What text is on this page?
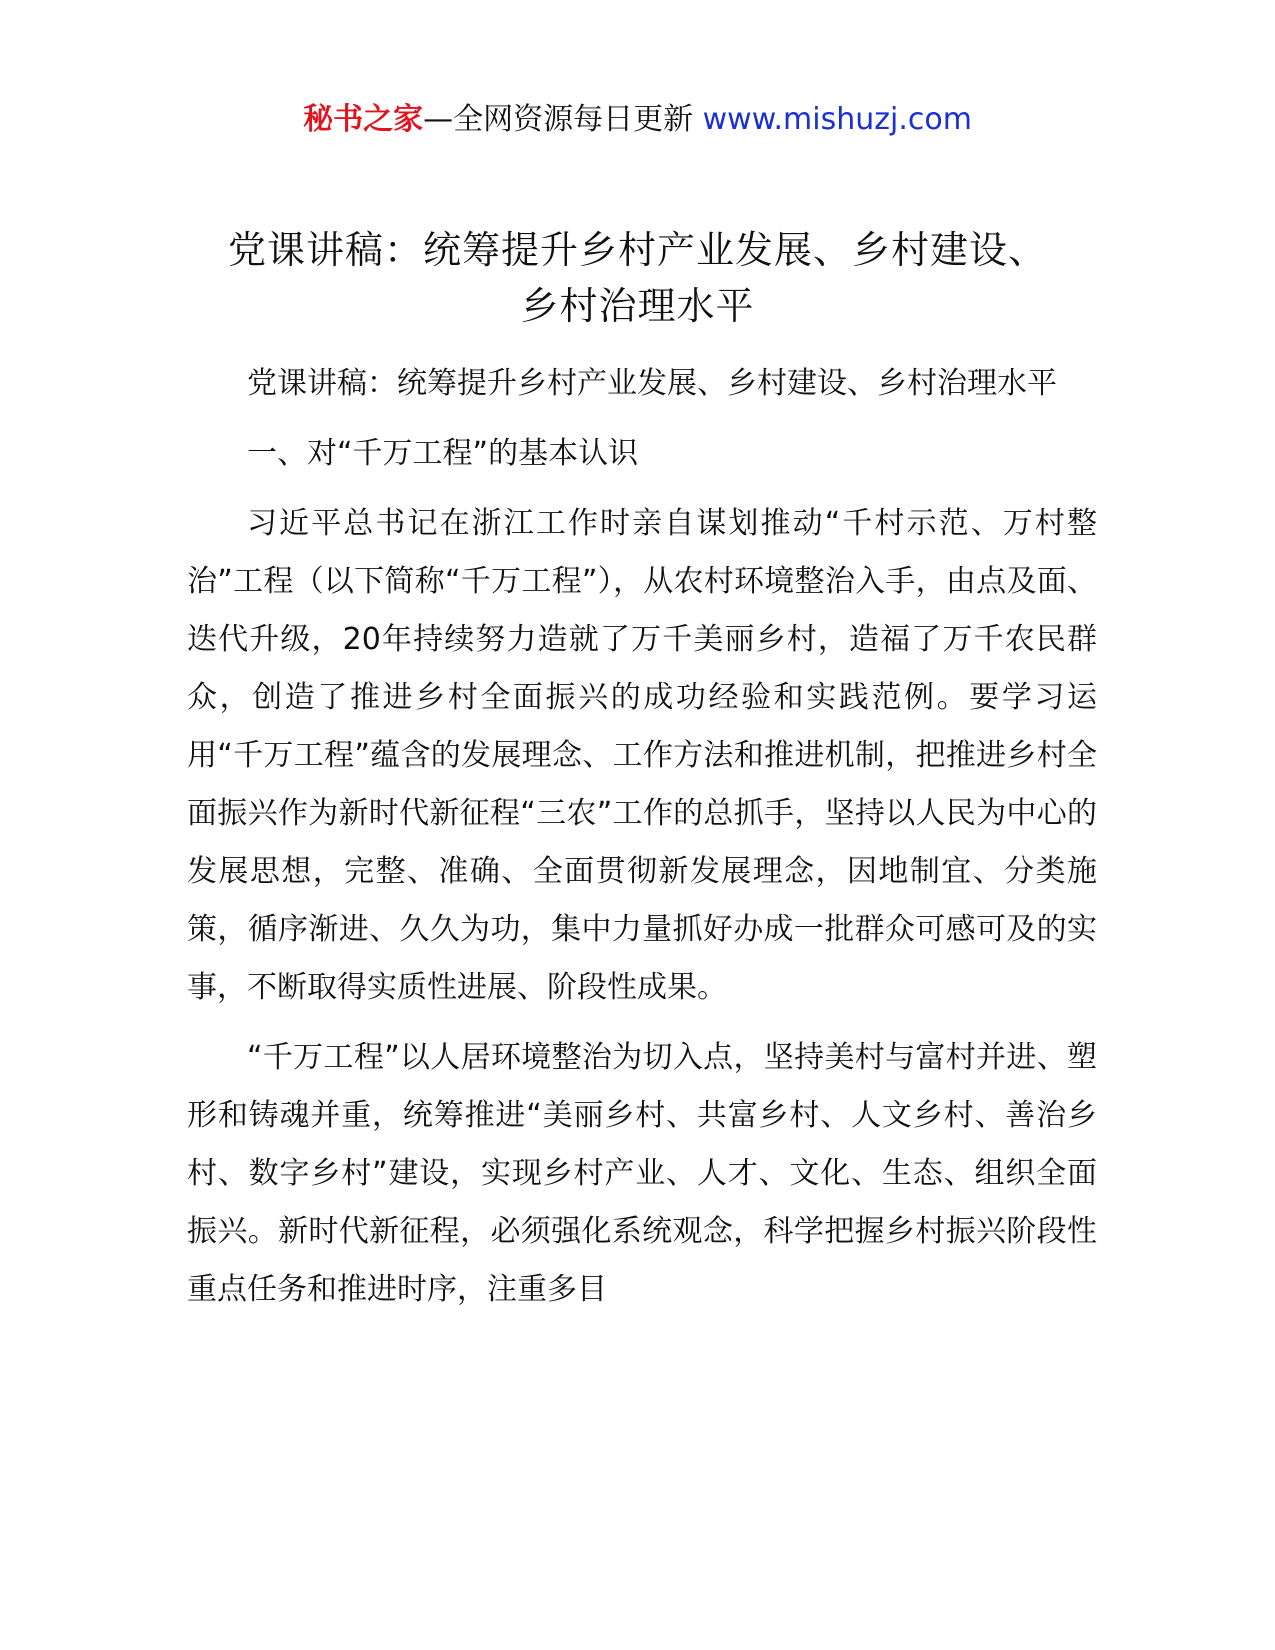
秘书之家—全网资源每日更新 www.mishuzj.com
党课讲稿：统筹提升乡村产业发展、乡村建设、
乡村治理水平

党课讲稿：统筹提升乡村产业发展、乡村建设、乡村治理水平

一、对“千万工程”的基本认识

习近平总书记在浙江工作时亲自谋划推动“千村示范、万村整治”工程（以下简称“千万工程”），从农村环境整治入手，由点及面、迭代升级，20年持续努力造就了万千美丽乡村，造福了万千农民群众，创造了推进乡村全面振兴的成功经验和实践范例。要学习运用“千万工程”蕴含的发展理念、工作方法和推进机制，把推进乡村全面振兴作为新时代新征程“三农”工作的总抓手，坚持以人民为中心的发展思想，完整、准确、全面贯彻新发展理念，因地制宜、分类施策，循序渐进、久久为功，集中力量抓好办成一批群众可感可及的实事，不断取得实质性进展、阶段性成果。

“千万工程”以人居环境整治为切入点，坚持美村与富村并进、塑形和铸魂并重，统筹推进“美丽乡村、共富乡村、人文乡村、善治乡村、数字乡村”建设，实现乡村产业、人才、文化、生态、组织全面振兴。新时代新征程，必须强化系统观念，科学把握乡村振兴阶段性重点任务和推进时序，注重多目
